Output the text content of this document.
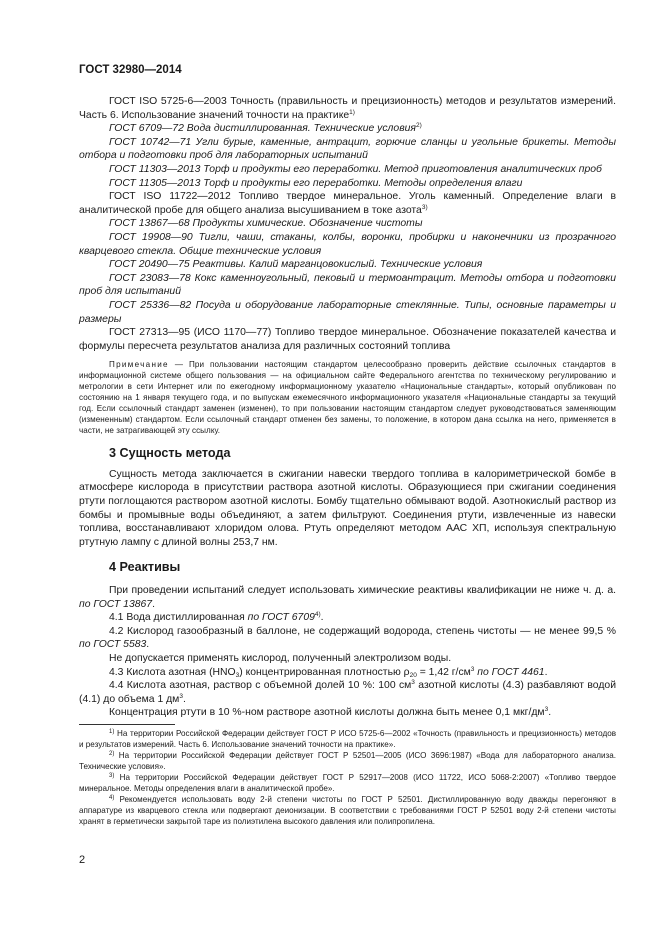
ГОСТ 32980—2014

ГОСТ ISO 5725-6—2003 Точность (правильность и прецизионность) методов и результатов измерений. Часть 6. Использование значений точности на практике$^{1)}$

ГОСТ 6709—72 Вода дистиллированная. Технические условия$^{2)}$

ГОСТ 10742—71 Угли бурые, каменные, антрацит, горючие сланцы и угольные брикеты. Методы отбора и подготовки проб для лабораторных испытаний

ГОСТ 11303—2013 Торф и продукты его переработки. Метод приготовления аналитических проб

ГОСТ 11305—2013 Торф и продукты его переработки. Методы определения влаги

ГОСТ ISO 11722—2012 Топливо твердое минеральное. Уголь каменный. Определение влаги в аналитической пробе для общего анализа высушиванием в токе азота$^{3)}$

ГОСТ 13867—68 Продукты химические. Обозначение чистоты

ГОСТ 19908—90 Тигли, чаши, стаканы, колбы, воронки, пробирки и наконечники из прозрачного кварцевого стекла. Общие технические условия

ГОСТ 20490—75 Реактивы. Калий марганцовокислый. Технические условия

ГОСТ 23083—78 Кокс каменноугольный, пековый и термоантрацит. Методы отбора и подготовки проб для испытаний

ГОСТ 25336—82 Посуда и оборудование лабораторные стеклянные. Типы, основные параметры и размеры

ГОСТ 27313—95 (ИСО 1170—77) Топливо твердое минеральное. Обозначение показателей качества и формулы пересчета результатов анализа для различных состояний топлива

Примечание — При пользовании настоящим стандартом целесообразно проверить действие ссылочных стандартов в информационной системе общего пользования — на официальном сайте Федерального агентства по техническому регулированию и метрологии в сети Интернет или по ежегодному информационному указателю «Национальные стандарты», который опубликован по состоянию на 1 января текущего года, и по выпускам ежемесячного информационного указателя «Национальные стандарты за текущий год. Если ссылочный стандарт заменен (изменен), то при пользовании настоящим стандартом следует руководствоваться заменяющим (измененным) стандартом. Если ссылочный стандарт отменен без замены, то положение, в котором дана ссылка на него, применяется в части, не затрагивающей эту ссылку.

3 Сущность метода

Сущность метода заключается в сжигании навески твердого топлива в калориметрической бомбе в атмосфере кислорода в присутствии раствора азотной кислоты. Образующиеся при сжигании соединения ртути поглощаются раствором азотной кислоты. Бомбу тщательно обмывают водой. Азотнокислый раствор из бомбы и промывные воды объединяют, а затем фильтруют. Соединения ртути, извлеченные из навески топлива, восстанавливают хлоридом олова. Ртуть определяют методом ААС ХП, используя спектральную ртутную лампу с длиной волны 253,7 нм.

4 Реактивы

При проведении испытаний следует использовать химические реактивы квалификации не ниже ч. д. а. по ГОСТ 13867.

4.1 Вода дистиллированная по ГОСТ 6709$^{4)}$.

4.2 Кислород газообразный в баллоне, не содержащий водорода, степень чистоты — не менее 99,5 % по ГОСТ 5583.

Не допускается применять кислород, полученный электролизом воды.

4.3 Кислота азотная $(HNO_3)$ концентрированная плотностью $\rho_{20} = 1,42$ $г/см^3$ по ГОСТ 4461.

4.4 Кислота азотная, раствор с объемной долей 10 %: 100 $см^3$ азотной кислоты (4.3) разбавляют водой (4.1) до объема 1 $дм^3$.

Концентрация ртути в 10 %-ном растворе азотной кислоты должна быть менее 0,1 мкг/$дм^3$.

$^{1)}$ На территории Российской Федерации действует ГОСТ Р ИСО 5725-6—2002 «Точность (правильность и прецизионность) методов и результатов измерений. Часть 6. Использование значений точности на практике».

$^{2)}$ На территории Российской Федерации действует ГОСТ Р 52501—2005 (ИСО 3696:1987) «Вода для лабораторного анализа. Технические условия».

$^{3)}$ На территории Российской Федерации действует ГОСТ Р 52917—2008 (ИСО 11722, ИСО 5068-2:2007) «Топливо твердое минеральное. Методы определения влаги в аналитической пробе».

$^{4)}$ Рекомендуется использовать воду 2-й степени чистоты по ГОСТ Р 52501. Дистиллированную воду дважды перегоняют в аппаратуре из кварцевого стекла или подвергают деионизации. В соответствии с требованиями ГОСТ Р 52501 воду 2-й степени чистоты хранят в герметически закрытой таре из полиэтилена высокого давления или полипропилена.

2
